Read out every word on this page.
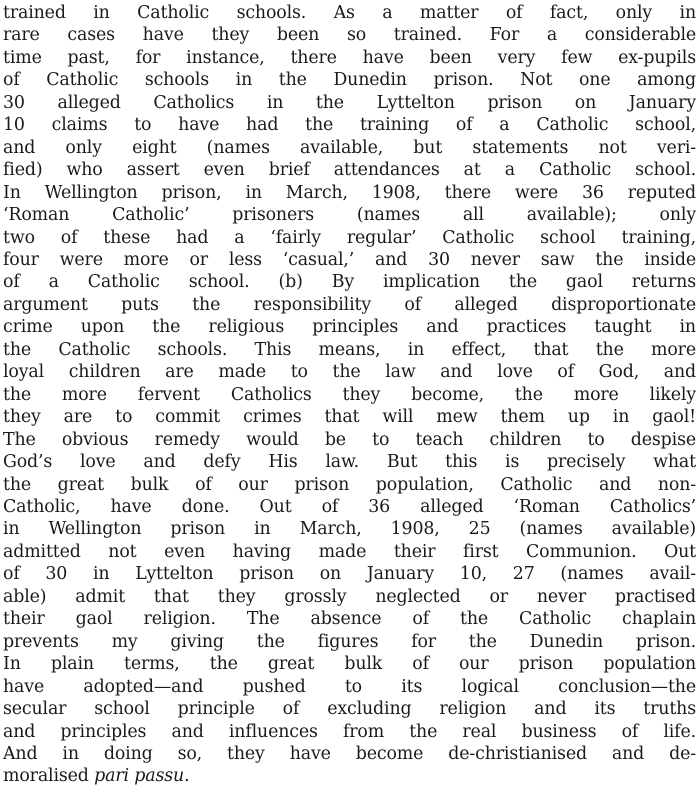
trained in Catholic schools. As a matter of fact, only in
rare cases have they been so trained. For a considerable
time past, for instance, there have been very few ex-pupils
of Catholic schools in the Dunedin prison. Not one among
30 alleged Catholics in the Lyttelton prison on January
10 claims to have had the training of a Catholic school,
and only eight (names available, but statements not veri-
fied) who assert even brief attendances at a Catholic school.
In Wellington prison, in March, 1908, there were 36 reputed
‘Roman Catholic’ prisoners (names all available); only
two of these had a ‘fairly regular’ Catholic school training,
four were more or less ‘casual,’ and 30 never saw the inside
of a Catholic school. (b) By implication the gaol returns
argument puts the responsibility of alleged disproportionate
crime upon the religious principles and practices taught in
the Catholic schools. This means, in effect, that the more
loyal children are made to the law and love of God, and
the more fervent Catholics they become, the more likely
they are to commit crimes that will mew them up in gaol!
The obvious remedy would be to teach children to despise
God’s love and defy His law. But this is precisely what
the great bulk of our prison population, Catholic and non-
Catholic, have done. Out of 36 alleged ‘Roman Catholics’
in Wellington prison in March, 1908, 25 (names available)
admitted not even having made their first Communion. Out
of 30 in Lyttelton prison on January 10, 27 (names avail-
able) admit that they grossly neglected or never practised
their gaol religion. The absence of the Catholic chaplain
prevents my giving the figures for the Dunedin prison.
In plain terms, the great bulk of our prison population
have adopted—and pushed to its logical conclusion—the
secular school principle of excluding religion and its truths
and principles and influences from the real business of life.
And in doing so, they have become de-christianised and de-
moralised pari passu.
